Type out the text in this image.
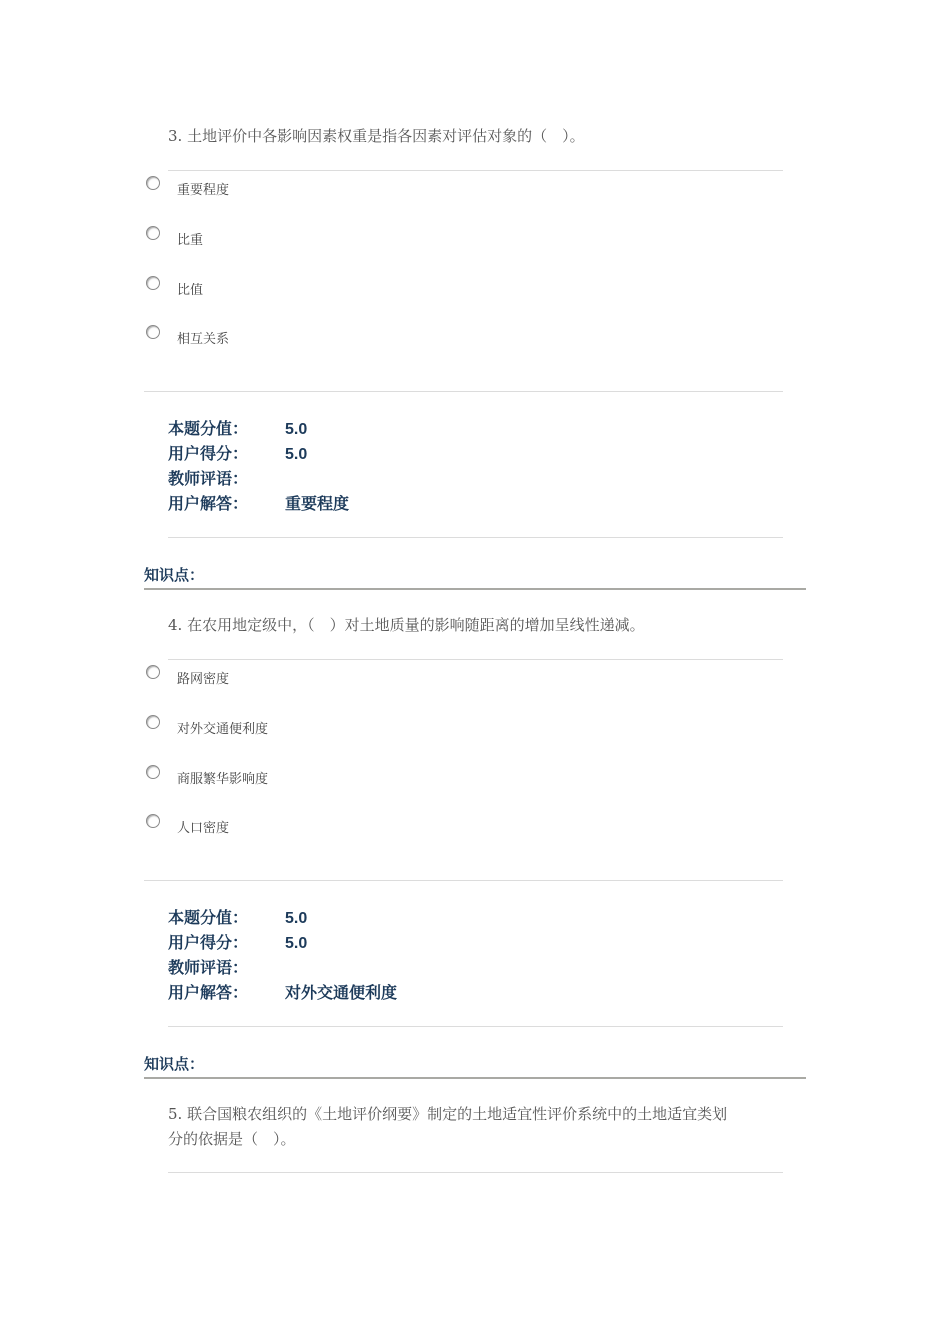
3. 土地评价中各影响因素权重是指各因素对评估对象的（　）。
重要程度
比重
比值
相互关系
本题分值： 5.0
用户得分： 5.0
教师评语：
用户解答： 重要程度
知识点：
4. 在农用地定级中，（　）对土地质量的影响随距离的增加呈线性递减。
路网密度
对外交通便利度
商服繁华影响度
人口密度
本题分值： 5.0
用户得分： 5.0
教师评语：
用户解答： 对外交通便利度
知识点：
5. 联合国粮农组织的《土地评价纲要》制定的土地适宜性评价系统中的土地适宜类划
分的依据是（　）。
